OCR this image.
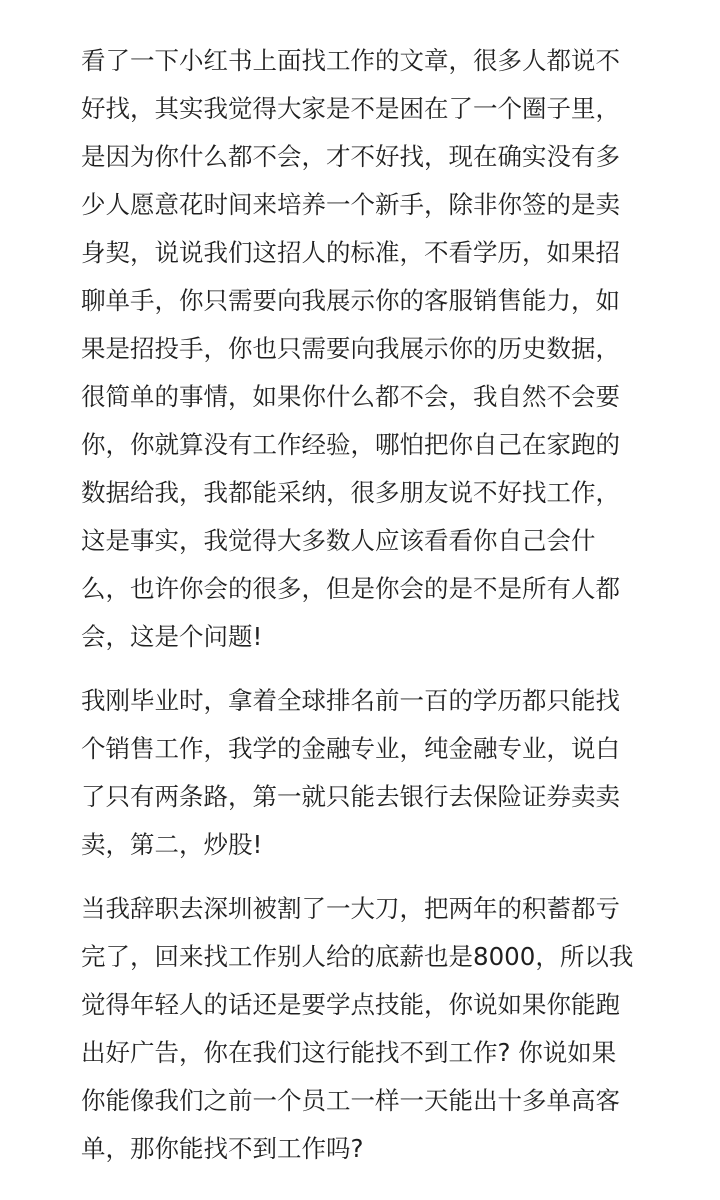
看了一下小红书上面找工作的文章，很多人都说不
好找，其实我觉得大家是不是困在了一个圈子里，
是因为你什么都不会，才不好找，现在确实没有多
少人愿意花时间来培养一个新手，除非你签的是卖
身契，说说我们这招人的标准，不看学历，如果招
聊单手，你只需要向我展示你的客服销售能力，如
果是招投手，你也只需要向我展示你的历史数据，
很简单的事情，如果你什么都不会，我自然不会要
你，你就算没有工作经验，哪怕把你自己在家跑的
数据给我，我都能采纳，很多朋友说不好找工作，
这是事实，我觉得大多数人应该看看你自己会什
么，也许你会的很多，但是你会的是不是所有人都
会，这是个问题!
我刚毕业时，拿着全球排名前一百的学历都只能找
个销售工作，我学的金融专业，纯金融专业，说白
了只有两条路，第一就只能去银行去保险证券卖卖
卖，第二，炒股!
当我辞职去深圳被割了一大刀，把两年的积蓄都亏
完了，回来找工作别人给的底薪也是8000，所以我
觉得年轻人的话还是要学点技能，你说如果你能跑
出好广告，你在我们这行能找不到工作? 你说如果
你能像我们之前一个员工一样一天能出十多单高客
单，那你能找不到工作吗?
